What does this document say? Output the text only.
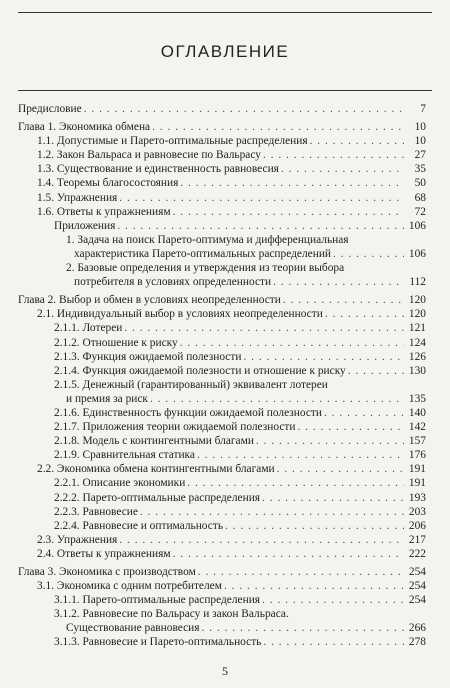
ОГЛАВЛЕНИЕ
Предисловие . . .	7
Глава 1. Экономика обмена . . .	10
1.1. Допустимые и Парето-оптимальные распределения . . .	10
1.2. Закон Вальраса и равновесие по Вальрасу . . .	27
1.3. Существование и единственность равновесия . . .	35
1.4. Теоремы благосостояния . . .	50
1.5. Упражнения . . .	68
1.6. Ответы к упражнениям . . .	72
Приложения . . .	106
1. Задача на поиск Парето-оптимума и дифференциальная
характеристика Парето-оптимальных распределений . . .	106
2. Базовые определения и утверждения из теории выбора
потребителя в условиях определенности . . .	112
Глава 2. Выбор и обмен в условиях неопределенности . . .	120
2.1. Индивидуальный выбор в условиях неопределенности . . .	120
2.1.1. Лотереи . . .	121
2.1.2. Отношение к риску . . .	124
2.1.3. Функция ожидаемой полезности . . .	126
2.1.4. Функция ожидаемой полезности и отношение к риску . . .	130
2.1.5. Денежный (гарантированный) эквивалент лотереи
и премия за риск . . .	135
2.1.6. Единственность функции ожидаемой полезности . . .	140
2.1.7. Приложения теории ожидаемой полезности . . .	142
2.1.8. Модель с контингентными благами . . .	157
2.1.9. Сравнительная статика . . .	176
2.2. Экономика обмена контингентными благами . . .	191
2.2.1. Описание экономики . . .	191
2.2.2. Парето-оптимальные распределения . . .	193
2.2.3. Равновесие . . .	203
2.2.4. Равновесие и оптимальность . . .	206
2.3. Упражнения . . .	217
2.4. Ответы к упражнениям . . .	222
Глава 3. Экономика с производством . . .	254
3.1. Экономика с одним потребителем . . .	254
3.1.1. Парето-оптимальные распределения . . .	254
3.1.2. Равновесие по Вальрасу и закон Вальраса.
Существование равновесия . . .	266
3.1.3. Равновесие и Парето-оптимальность . . .	278
5
